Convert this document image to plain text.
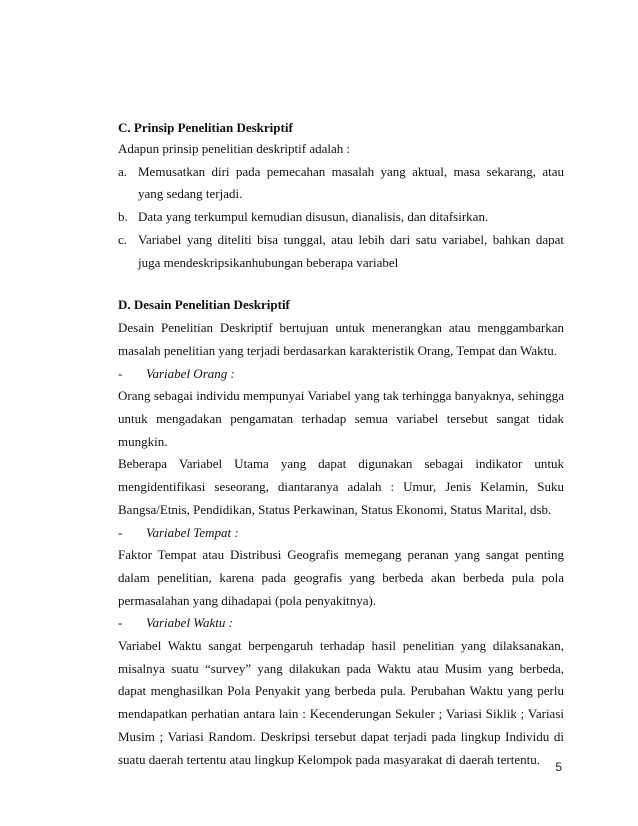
C. Prinsip Penelitian Deskriptif

Adapun prinsip penelitian deskriptif adalah :

a. Memusatkan diri pada pemecahan masalah yang aktual, masa sekarang, atau yang sedang terjadi.
b. Data yang terkumpul kemudian disusun, dianalisis, dan ditafsirkan.
c. Variabel yang diteliti bisa tunggal, atau lebih dari satu variabel, bahkan dapat juga mendeskripsikanhubungan beberapa variabel
D. Desain Penelitian Deskriptif

Desain Penelitian Deskriptif bertujuan untuk menerangkan atau menggambarkan masalah penelitian yang terjadi berdasarkan karakteristik Orang, Tempat dan Waktu.

- Variabel Orang :

Orang sebagai individu mempunyai Variabel yang tak terhingga banyaknya, sehingga untuk mengadakan pengamatan terhadap semua variabel tersebut sangat tidak mungkin.

Beberapa Variabel Utama yang dapat digunakan sebagai indikator untuk mengidentifikasi seseorang, diantaranya adalah : Umur, Jenis Kelamin, Suku Bangsa/Etnis, Pendidikan, Status Perkawinan, Status Ekonomi, Status Marital, dsb.

- Variabel Tempat :

Faktor Tempat atau Distribusi Geografis memegang peranan yang sangat penting dalam penelitian, karena pada geografis yang berbeda akan berbeda pula pola permasalahan yang dihadapai (pola penyakitnya).

- Variabel Waktu :

Variabel Waktu sangat berpengaruh terhadap hasil penelitian yang dilaksanakan, misalnya suatu “survey” yang dilakukan pada Waktu atau Musim yang berbeda, dapat menghasilkan Pola Penyakit yang berbeda pula. Perubahan Waktu yang perlu mendapatkan perhatian antara lain : Kecenderungan Sekuler ; Variasi Siklik ; Variasi Musim ; Variasi Random. Deskripsi tersebut dapat terjadi pada lingkup Individu di suatu daerah tertentu atau lingkup Kelompok pada masyarakat di daerah tertentu.

5
